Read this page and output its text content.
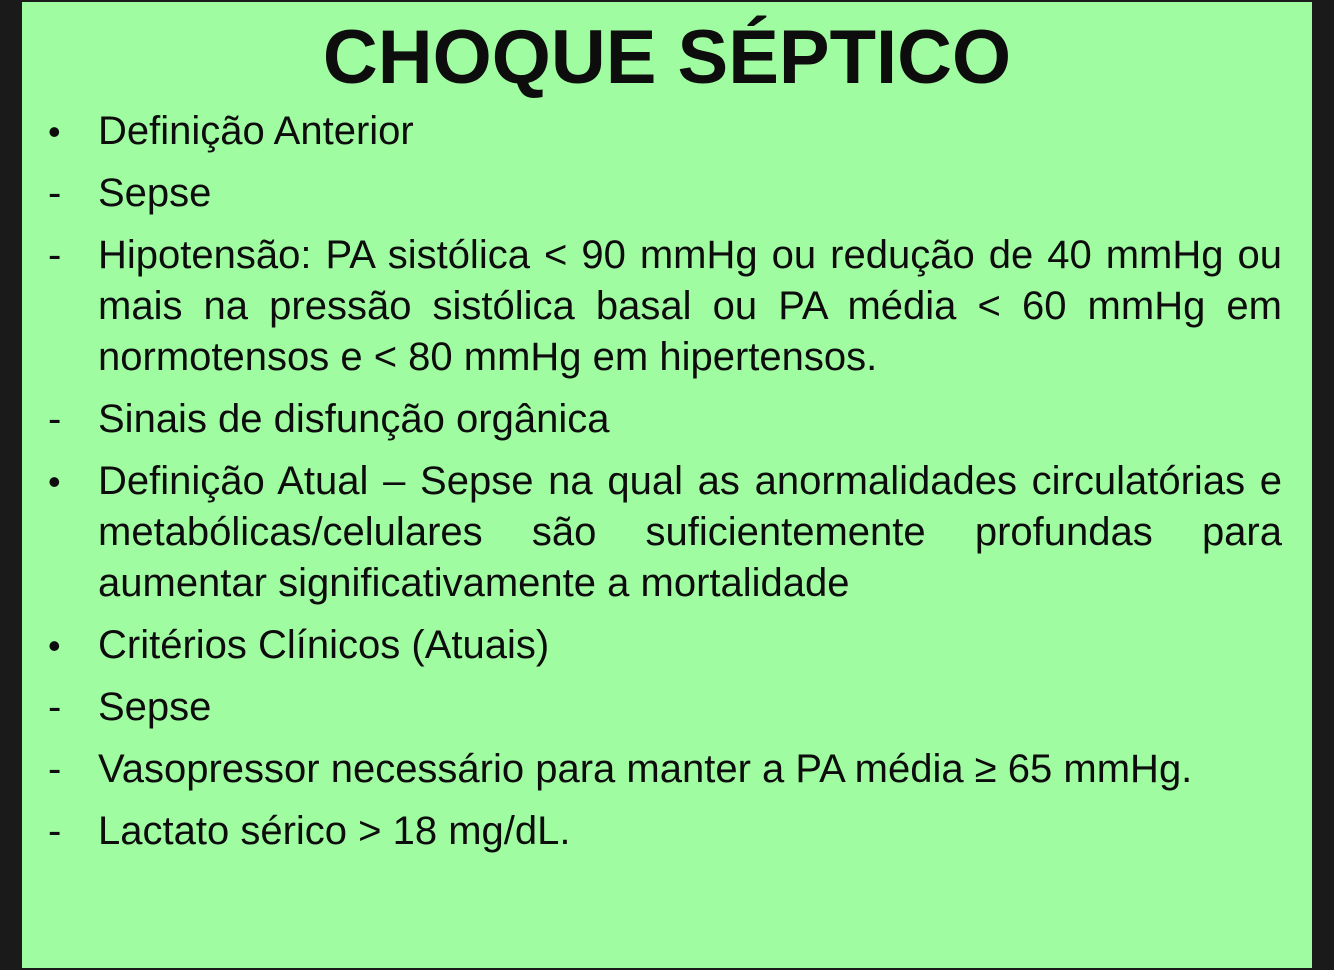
CHOQUE SÉPTICO
• Definição Anterior
- Sepse
- Hipotensão: PA sistólica < 90 mmHg ou redução de 40 mmHg ou mais na pressão sistólica basal ou PA média < 60 mmHg em normotensos e < 80 mmHg em hipertensos.
- Sinais de disfunção orgânica
• Definição Atual – Sepse na qual as anormalidades circulatórias e metabólicas/celulares são suficientemente profundas para aumentar significativamente a mortalidade
• Critérios Clínicos (Atuais)
- Sepse
- Vasopressor necessário para manter a PA média ≥ 65 mmHg.
- Lactato sérico > 18 mg/dL.
